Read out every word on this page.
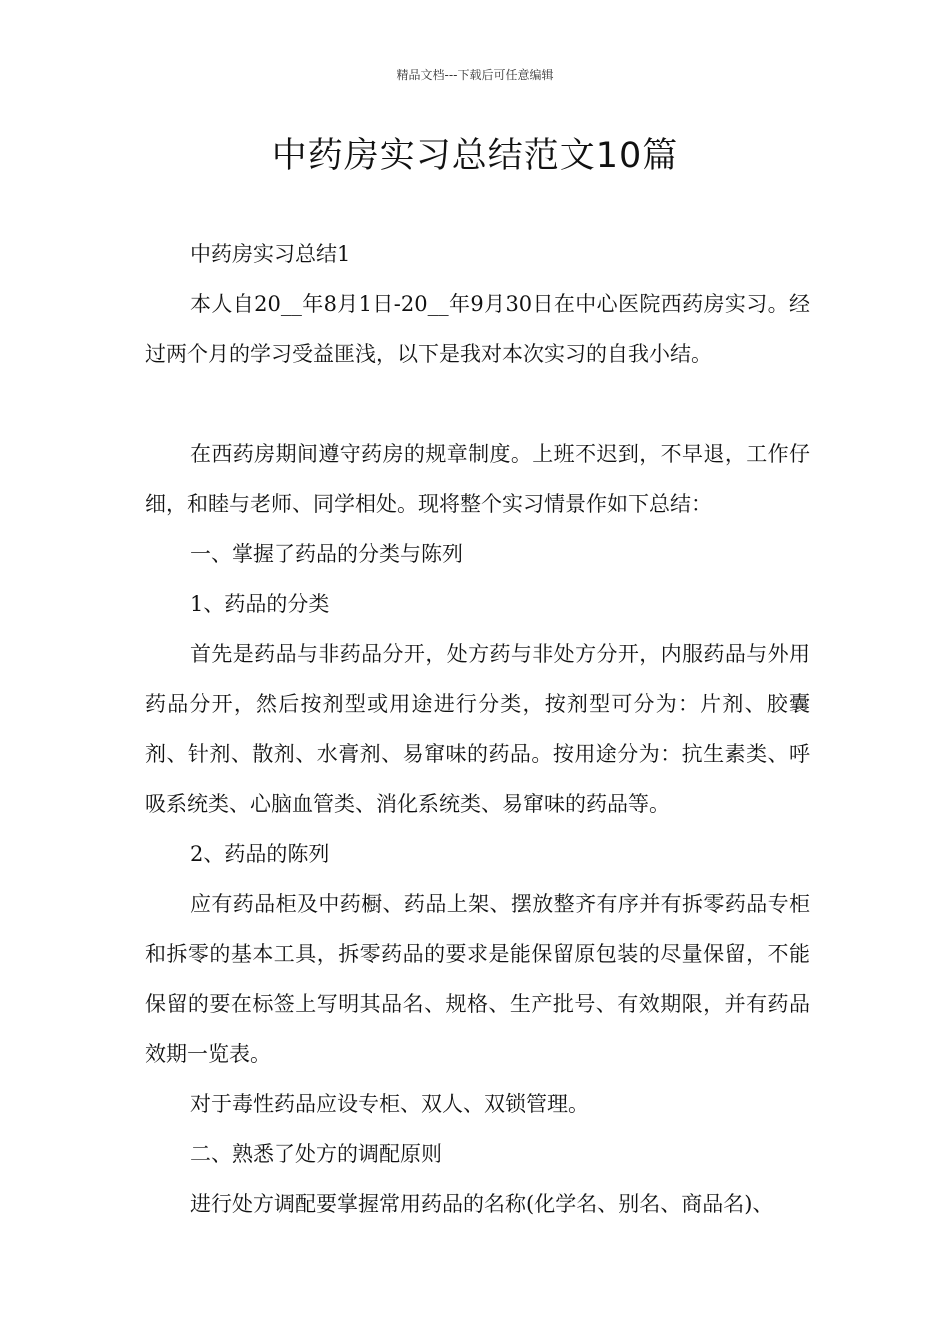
精品文档---下载后可任意编辑
中药房实习总结范文10篇

中药房实习总结1

本人自20__年8月1日-20__年9月30日在中心医院西药房实习。经过两个月的学习受益匪浅，以下是我对本次实习的自我小结。

在西药房期间遵守药房的规章制度。上班不迟到，不早退，工作仔细，和睦与老师、同学相处。现将整个实习情景作如下总结：

一、掌握了药品的分类与陈列

1、药品的分类

首先是药品与非药品分开，处方药与非处方分开，内服药品与外用药品分开，然后按剂型或用途进行分类，按剂型可分为：片剂、胶囊剂、针剂、散剂、水膏剂、易窜味的药品。按用途分为：抗生素类、呼吸系统类、心脑血管类、消化系统类、易窜味的药品等。

2、药品的陈列

应有药品柜及中药橱、药品上架、摆放整齐有序并有拆零药品专柜和拆零的基本工具，拆零药品的要求是能保留原包装的尽量保留，不能保留的要在标签上写明其品名、规格、生产批号、有效期限，并有药品效期一览表。

对于毒性药品应设专柜、双人、双锁管理。

二、熟悉了处方的调配原则

进行处方调配要掌握常用药品的名称(化学名、别名、商品名)、
